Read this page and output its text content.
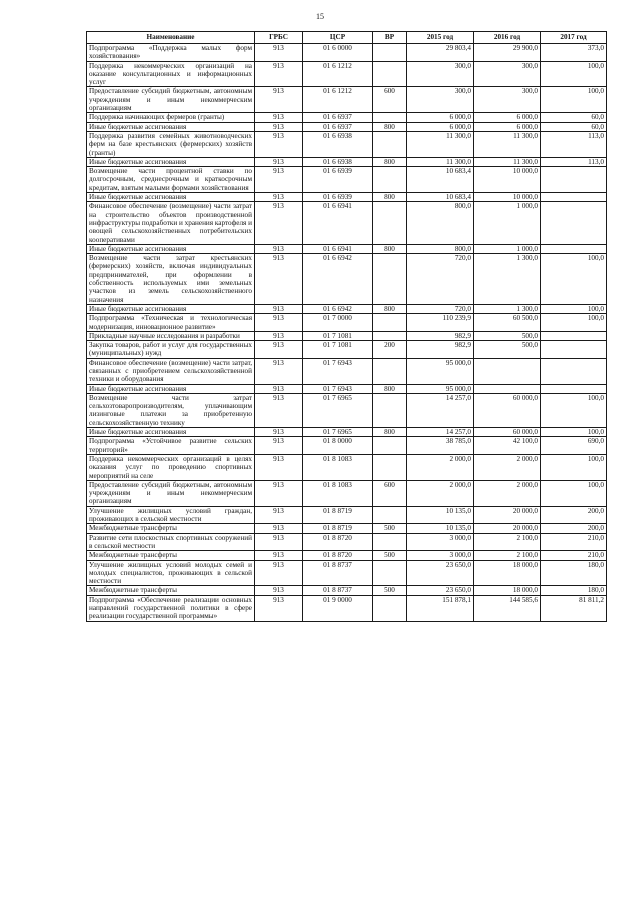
15
Наименование	ГРБС	ЦСР	ВР	2015 год	2016 год	2017 год
Подпрограмма «Поддержка малых форм хозяйствования»	913	01 6 0000		29 803,4	29 900,0	373,0
Поддержка некоммерческих организаций на оказание консультационных и информационных услуг	913	01 6 1212		300,0	300,0	100,0
Предоставление субсидий бюджетным, автономным учреждениям и иным некоммерческим организациям	913	01 6 1212	600	300,0	300,0	100,0
Поддержка начинающих фермеров (гранты)	913	01 6 6937		6 000,0	6 000,0	60,0
Иные бюджетные ассигнования	913	01 6 6937	800	6 000,0	6 000,0	60,0
Поддержка развития семейных животноводческих ферм на базе крестьянских (фермерских) хозяйств (гранты)	913	01 6 6938		11 300,0	11 300,0	113,0
Иные бюджетные ассигнования	913	01 6 6938	800	11 300,0	11 300,0	113,0
Возмещение части процентной ставки по долгосрочным, среднесрочным и краткосрочным кредитам, взятым малыми формами хозяйствования	913	01 6 6939		10 683,4	10 000,0	
Иные бюджетные ассигнования	913	01 6 6939	800	10 683,4	10 000,0	
Финансовое обеспечение (возмещение) части затрат на строительство объектов производственной инфраструктуры подработки и хранения картофеля и овощей сельскохозяйственных потребительских кооперативами	913	01 6 6941		800,0	1 000,0	
Иные бюджетные ассигнования	913	01 6 6941	800	800,0	1 000,0	
Возмещение части затрат крестьянских (фермерских) хозяйств, включая индивидуальных предпринимателей, при оформлении в собственность используемых ими земельных участков из земель сельскохозяйственного назначения	913	01 6 6942		720,0	1 300,0	100,0
Иные бюджетные ассигнования	913	01 6 6942	800	720,0	1 300,0	100,0
Подпрограмма «Техническая и технологическая модернизация, инновационное развитие»	913	01 7 0000		110 239,9	60 500,0	100,0
Прикладные научные исследования и разработки	913	01 7 1081		982,9	500,0	
Закупка товаров, работ и услуг для государственных (муниципальных) нужд	913	01 7 1081	200	982,9	500,0	
Финансовое обеспечение (возмещение) части затрат, связанных с приобретением сельскохозяйственной техники и оборудования	913	01 7 6943		95 000,0		
Иные бюджетные ассигнования	913	01 7 6943	800	95 000,0		
Возмещение части затрат сельхозтоваропроизводителям, уплачивающим лизинговые платежи за приобретенную сельскохозяйственную технику	913	01 7 6965		14 257,0	60 000,0	100,0
Иные бюджетные ассигнования	913	01 7 6965	800	14 257,0	60 000,0	100,0
Подпрограмма «Устойчивое развитие сельских территорий»	913	01 8 0000		38 785,0	42 100,0	690,0
Поддержка некоммерческих организаций в целях оказания услуг по проведению спортивных мероприятий на селе	913	01 8 1083		2 000,0	2 000,0	100,0
Предоставление субсидий бюджетным, автономным учреждениям и иным некоммерческим организациям	913	01 8 1083	600	2 000,0	2 000,0	100,0
Улучшение жилищных условий граждан, проживающих в сельской местности	913	01 8 8719		10 135,0	20 000,0	200,0
Межбюджетные трансферты	913	01 8 8719	500	10 135,0	20 000,0	200,0
Развитие сети плоскостных спортивных сооружений в сельской местности	913	01 8 8720		3 000,0	2 100,0	210,0
Межбюджетные трансферты	913	01 8 8720	500	3 000,0	2 100,0	210,0
Улучшение жилищных условий молодых семей и молодых специалистов, проживающих в сельской местности	913	01 8 8737		23 650,0	18 000,0	180,0
Межбюджетные трансферты	913	01 8 8737	500	23 650,0	18 000,0	180,0
Подпрограмма «Обеспечение реализации основных направлений государственной политики в сфере реализации государственной программы»	913	01 9 0000		151 878,1	144 585,6	81 811,2
